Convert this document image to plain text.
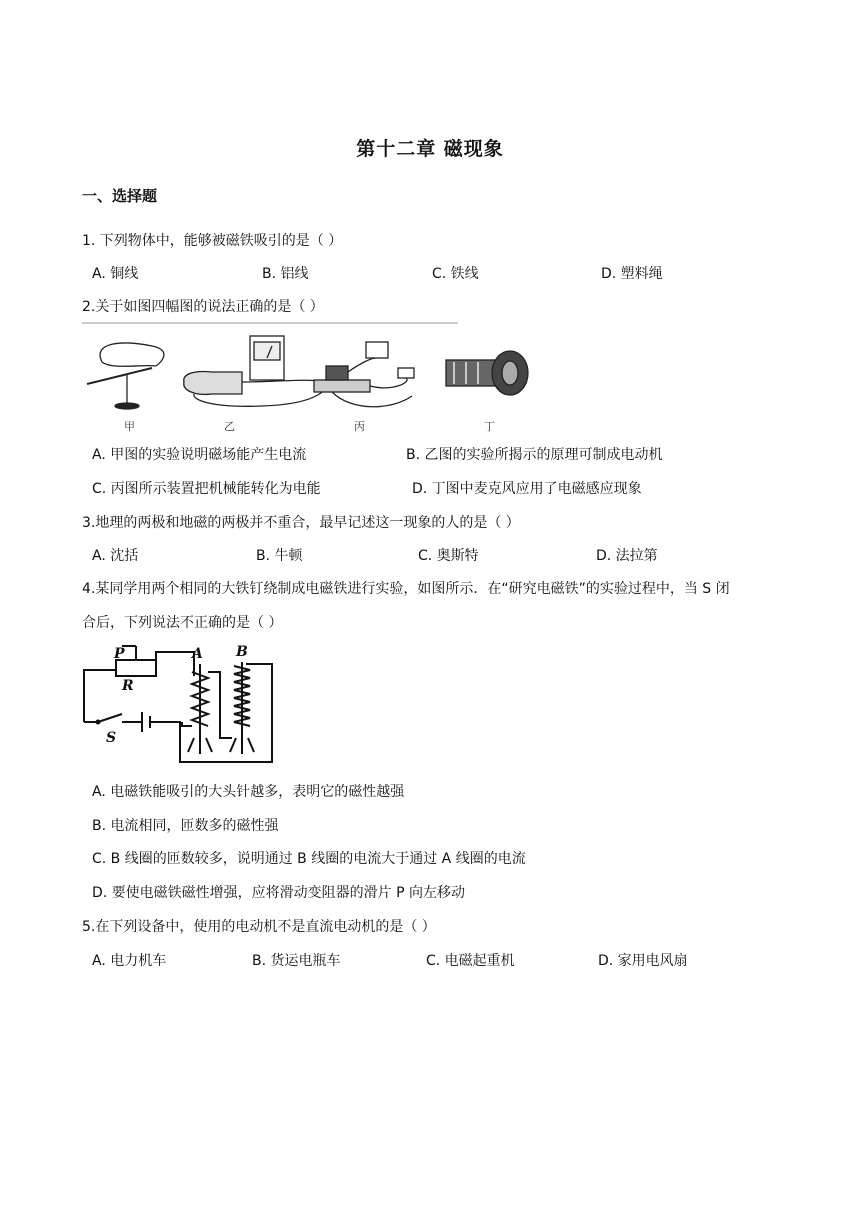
第十二章 磁现象
一、选择题
1. 下列物体中，能够被磁铁吸引的是（ ）
A. 铜线	B. 铝线	C. 铁线	D. 塑料绳
2.关于如图四幅图的说法正确的是（ ）
甲	乙	丙	丁
A. 甲图的实验说明磁场能产生电流	B. 乙图的实验所揭示的原理可制成电动机
C. 丙图所示装置把机械能转化为电能	D. 丁图中麦克风应用了电磁感应现象
3.地理的两极和地磁的两极并不重合，最早记述这一现象的人的是（ ）
A. 沈括	B. 牛顿	C. 奥斯特	D. 法拉第
4.某同学用两个相同的大铁钉绕制成电磁铁进行实验，如图所示．在“研究电磁铁”的实验过程中，当 S 闭
合后，下列说法不正确的是（ ）
P
R
A B
S
A. 电磁铁能吸引的大头针越多，表明它的磁性越强
B. 电流相同，匝数多的磁性强
C. B 线圈的匝数较多，说明通过 B 线圈的电流大于通过 A 线圈的电流
D. 要使电磁铁磁性增强，应将滑动变阻器的滑片 P 向左移动
5.在下列设备中，使用的电动机不是直流电动机的是（ ）
A. 电力机车	B. 货运电瓶车	C. 电磁起重机	D. 家用电风扇
